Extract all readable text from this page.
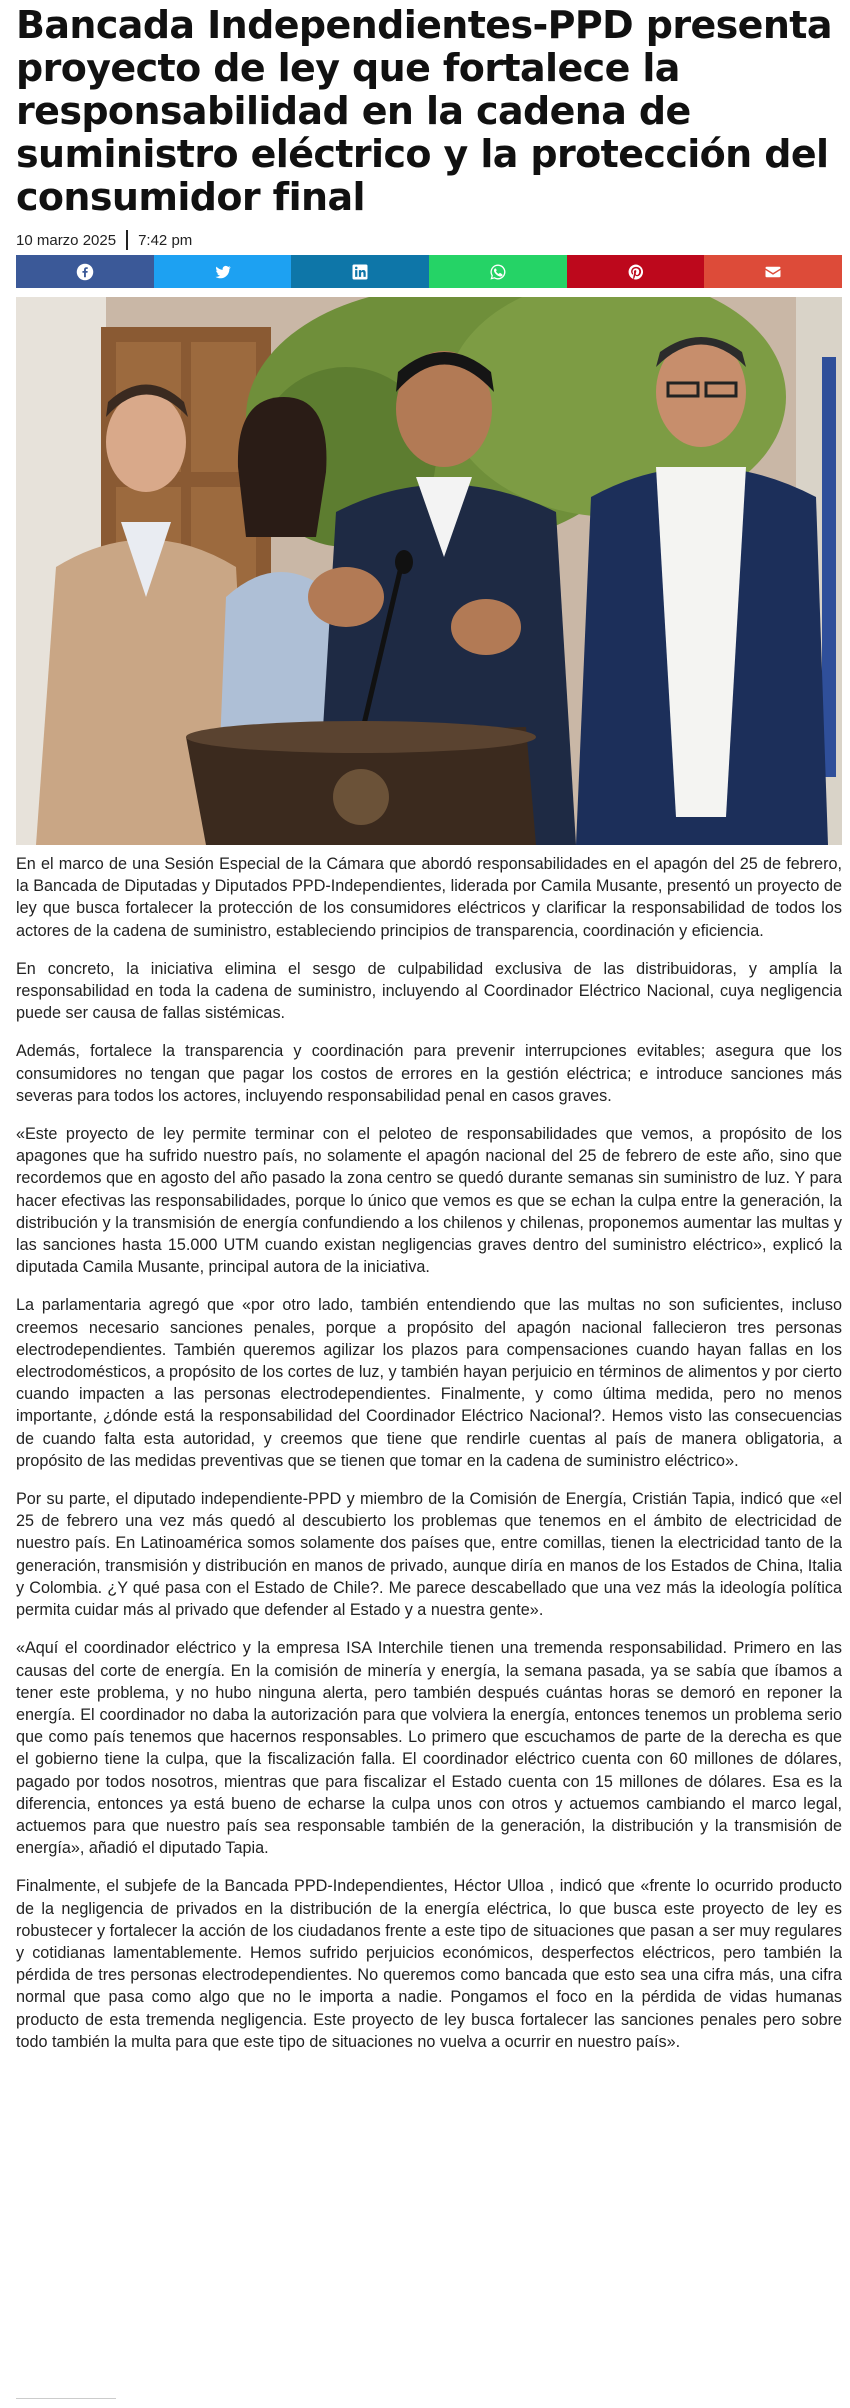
Bancada Independientes-PPD presenta proyecto de ley que fortalece la responsabilidad en la cadena de suministro eléctrico y la protección del consumidor final
10 marzo 2025 7:42 pm

En el marco de una Sesión Especial de la Cámara que abordó responsabilidades en el apagón del 25 de febrero, la Bancada de Diputadas y Diputados PPD-Independientes, liderada por Camila Musante, presentó un proyecto de ley que busca fortalecer la protección de los consumidores eléctricos y clarificar la responsabilidad de todos los actores de la cadena de suministro, estableciendo principios de transparencia, coordinación y eficiencia.

En concreto, la iniciativa elimina el sesgo de culpabilidad exclusiva de las distribuidoras, y amplía la responsabilidad en toda la cadena de suministro, incluyendo al Coordinador Eléctrico Nacional, cuya negligencia puede ser causa de fallas sistémicas.

Además, fortalece la transparencia y coordinación para prevenir interrupciones evitables; asegura que los consumidores no tengan que pagar los costos de errores en la gestión eléctrica; e introduce sanciones más severas para todos los actores, incluyendo responsabilidad penal en casos graves.

«Este proyecto de ley permite terminar con el peloteo de responsabilidades que vemos, a propósito de los apagones que ha sufrido nuestro país, no solamente el apagón nacional del 25 de febrero de este año, sino que recordemos que en agosto del año pasado la zona centro se quedó durante semanas sin suministro de luz. Y para hacer efectivas las responsabilidades, porque lo único que vemos es que se echan la culpa entre la generación, la distribución y la transmisión de energía confundiendo a los chilenos y chilenas, proponemos aumentar las multas y las sanciones hasta 15.000 UTM cuando existan negligencias graves dentro del suministro eléctrico», explicó la diputada Camila Musante, principal autora de la iniciativa.

La parlamentaria agregó que «por otro lado, también entendiendo que las multas no son suficientes, incluso creemos necesario sanciones penales, porque a propósito del apagón nacional fallecieron tres personas electrodependientes. También queremos agilizar los plazos para compensaciones cuando hayan fallas en los electrodomésticos, a propósito de los cortes de luz, y también hayan perjuicio en términos de alimentos y por cierto cuando impacten a las personas electrodependientes. Finalmente, y como última medida, pero no menos importante, ¿dónde está la responsabilidad del Coordinador Eléctrico Nacional?. Hemos visto las consecuencias de cuando falta esta autoridad, y creemos que tiene que rendirle cuentas al país de manera obligatoria, a propósito de las medidas preventivas que se tienen que tomar en la cadena de suministro eléctrico».

Por su parte, el diputado independiente-PPD y miembro de la Comisión de Energía, Cristián Tapia, indicó que «el 25 de febrero una vez más quedó al descubierto los problemas que tenemos en el ámbito de electricidad de nuestro país. En Latinoamérica somos solamente dos países que, entre comillas, tienen la electricidad tanto de la generación, transmisión y distribución en manos de privado, aunque diría en manos de los Estados de China, Italia y Colombia. ¿Y qué pasa con el Estado de Chile?. Me parece descabellado que una vez más la ideología política permita cuidar más al privado que defender al Estado y a nuestra gente».

«Aquí el coordinador eléctrico y la empresa ISA Interchile tienen una tremenda responsabilidad. Primero en las causas del corte de energía. En la comisión de minería y energía, la semana pasada, ya se sabía que íbamos a tener este problema, y no hubo ninguna alerta, pero también después cuántas horas se demoró en reponer la energía. El coordinador no daba la autorización para que volviera la energía, entonces tenemos un problema serio que como país tenemos que hacernos responsables. Lo primero que escuchamos de parte de la derecha es que el gobierno tiene la culpa, que la fiscalización falla. El coordinador eléctrico cuenta con 60 millones de dólares, pagado por todos nosotros, mientras que para fiscalizar el Estado cuenta con 15 millones de dólares. Esa es la diferencia, entonces ya está bueno de echarse la culpa unos con otros y actuemos cambiando el marco legal, actuemos para que nuestro país sea responsable también de la generación, la distribución y la transmisión de energía», añadió el diputado Tapia.

Finalmente, el subjefe de la Bancada PPD-Independientes, Héctor Ulloa , indicó que «frente lo ocurrido producto de la negligencia de privados en la distribución de la energía eléctrica, lo que busca este proyecto de ley es robustecer y fortalecer la acción de los ciudadanos frente a este tipo de situaciones que pasan a ser muy regulares y cotidianas lamentablemente. Hemos sufrido perjuicios económicos, desperfectos eléctricos, pero también la pérdida de tres personas electrodependientes. No queremos como bancada que esto sea una cifra más, una cifra normal que pasa como algo que no le importa a nadie. Pongamos el foco en la pérdida de vidas humanas producto de esta tremenda negligencia. Este proyecto de ley busca fortalecer las sanciones penales pero sobre todo también la multa para que este tipo de situaciones no vuelva a ocurrir en nuestro país».
